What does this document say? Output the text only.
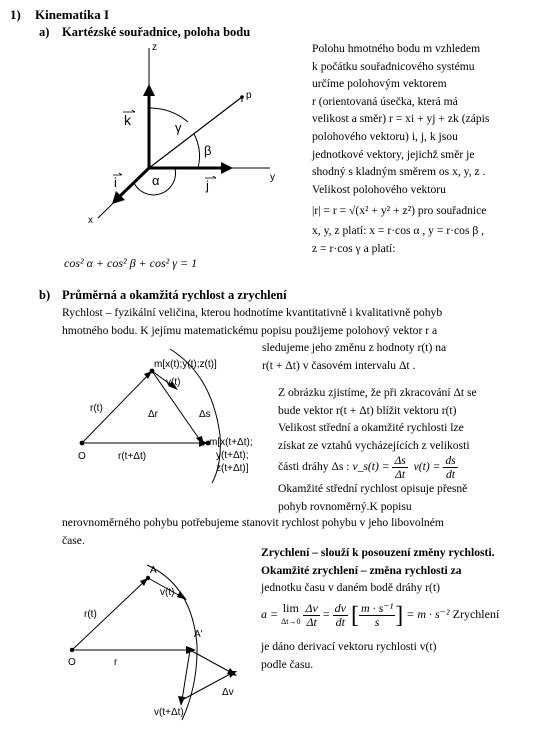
1) Kinematika I
a) Kartézské souřadnice, poloha bodu
z
y
x
p
k
j
i
γ
β
α
Polohu hmotného bodu m vzhledem
k počátku souřadnicového systému
určíme polohovým vektorem
r (orientovaná úsečka, která má
velikost a směr) r = xi + yj + zk (zápis
polohového vektoru) i, j, k jsou
jednotkové vektory, jejichž směr je
shodný s kladným směrem os x, y, z .
Velikost polohového vektoru
|r| = r = √(x² + y² + z²) pro souřadnice
x, y, z platí: x = r·cos α , y = r·cos β ,
z = r·cos γ a platí:
cos² α + cos² β + cos² γ = 1
b) Průměrná a okamžitá rychlost a zrychlení
Rychlost – fyzikální veličina, kterou hodnotíme kvantitativně i kvalitativně pohyb
hmotného bodu. K jejímu matematickému popisu použijeme polohový vektor r a
sledujeme jeho změnu z hodnoty r(t) na
r(t + Δt) v časovém intervalu Δt .
Z obrázku zjistíme, že při zkracování Δt se
bude vektor r(t + Δt) blížit vektoru r(t)
Velikost střední a okamžité rychlosti lze
získat ze vztahů vycházejících z velikosti
části dráhy Δs : v_s(t) = $\frac{\Delta s}{\Delta t} v(t) = \frac{ds}{dt}$
Okamžité střední rychlost opisuje přesně
pohyb rovnoměrný.K popisu
m[x(t);y(t);z(t)]
v(t)
r(t)
Δr	Δs
O	r(t+Δt)
m[x(t+Δt);
y(t+Δt);
z(t+Δt)]
nerovnoměrného pohybu potřebujeme stanovit rychlost pohybu v jeho libovolném
čase.
Zrychlení – slouží k posouzení změny rychlosti.
Okamžité zrychlení – změna rychlosti za
jednotku času v daném bodě dráhy r(t)
a = lim
Δt→0
$\frac{\Delta v}{\Delta t} = \frac{dv}{dt}$ [ $\frac{\text{m · s⁻¹}}{s}$ ] = m · s⁻² Zrychlení
je dáno derivací vektoru rychlosti v(t)
podle času.
A
A'
v(t)
r(t)
O	r
Δv
v(t+Δt)
